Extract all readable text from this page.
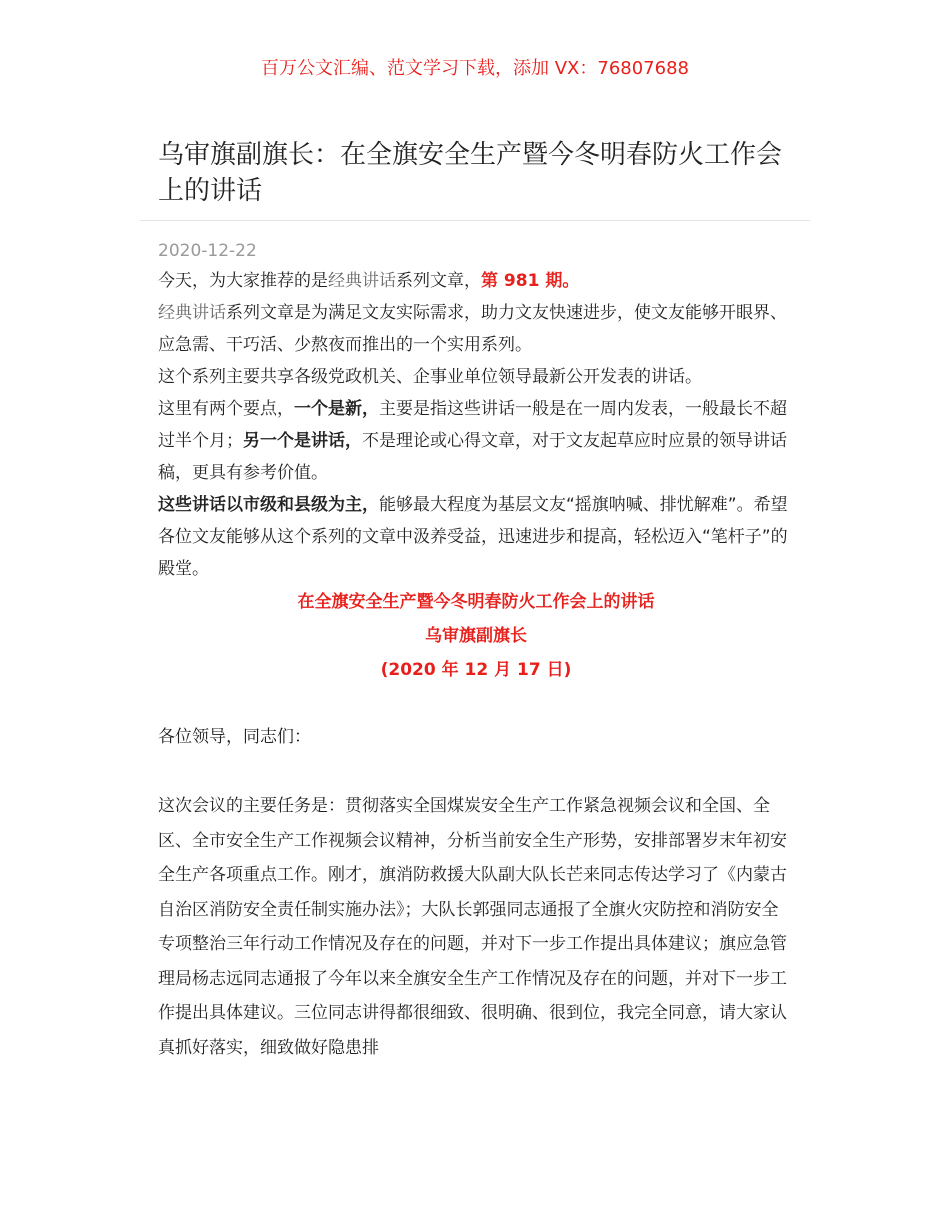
百万公文汇编、范文学习下载，添加 VX：76807688
乌审旗副旗长：在全旗安全生产暨今冬明春防火工作会上的讲话
2020-12-22

今天，为大家推荐的是经典讲话系列文章，第 981 期。

经典讲话系列文章是为满足文友实际需求，助力文友快速进步，使文友能够开眼界、应急需、干巧活、少熬夜而推出的一个实用系列。

这个系列主要共享各级党政机关、企事业单位领导最新公开发表的讲话。

这里有两个要点，一个是新，主要是指这些讲话一般是在一周内发表，一般最长不超过半个月；另一个是讲话，不是理论或心得文章，对于文友起草应时应景的领导讲话稿，更具有参考价值。

这些讲话以市级和县级为主，能够最大程度为基层文友“摇旗呐喊、排忧解难”。希望各位文友能够从这个系列的文章中汲养受益，迅速进步和提高，轻松迈入“笔杆子”的殿堂。

在全旗安全生产暨今冬明春防火工作会上的讲话
乌审旗副旗长
(2020 年 12 月 17 日)

各位领导，同志们：

这次会议的主要任务是：贯彻落实全国煤炭安全生产工作紧急视频会议和全国、全区、全市安全生产工作视频会议精神，分析当前安全生产形势，安排部署岁末年初安全生产各项重点工作。刚才，旗消防救援大队副大队长芒来同志传达学习了《内蒙古自治区消防安全责任制实施办法》；大队长郭强同志通报了全旗火灾防控和消防安全专项整治三年行动工作情况及存在的问题，并对下一步工作提出具体建议；旗应急管理局杨志远同志通报了今年以来全旗安全生产工作情况及存在的问题，并对下一步工作提出具体建议。三位同志讲得都很细致、很明确、很到位，我完全同意，请大家认真抓好落实，细致做好隐患排
